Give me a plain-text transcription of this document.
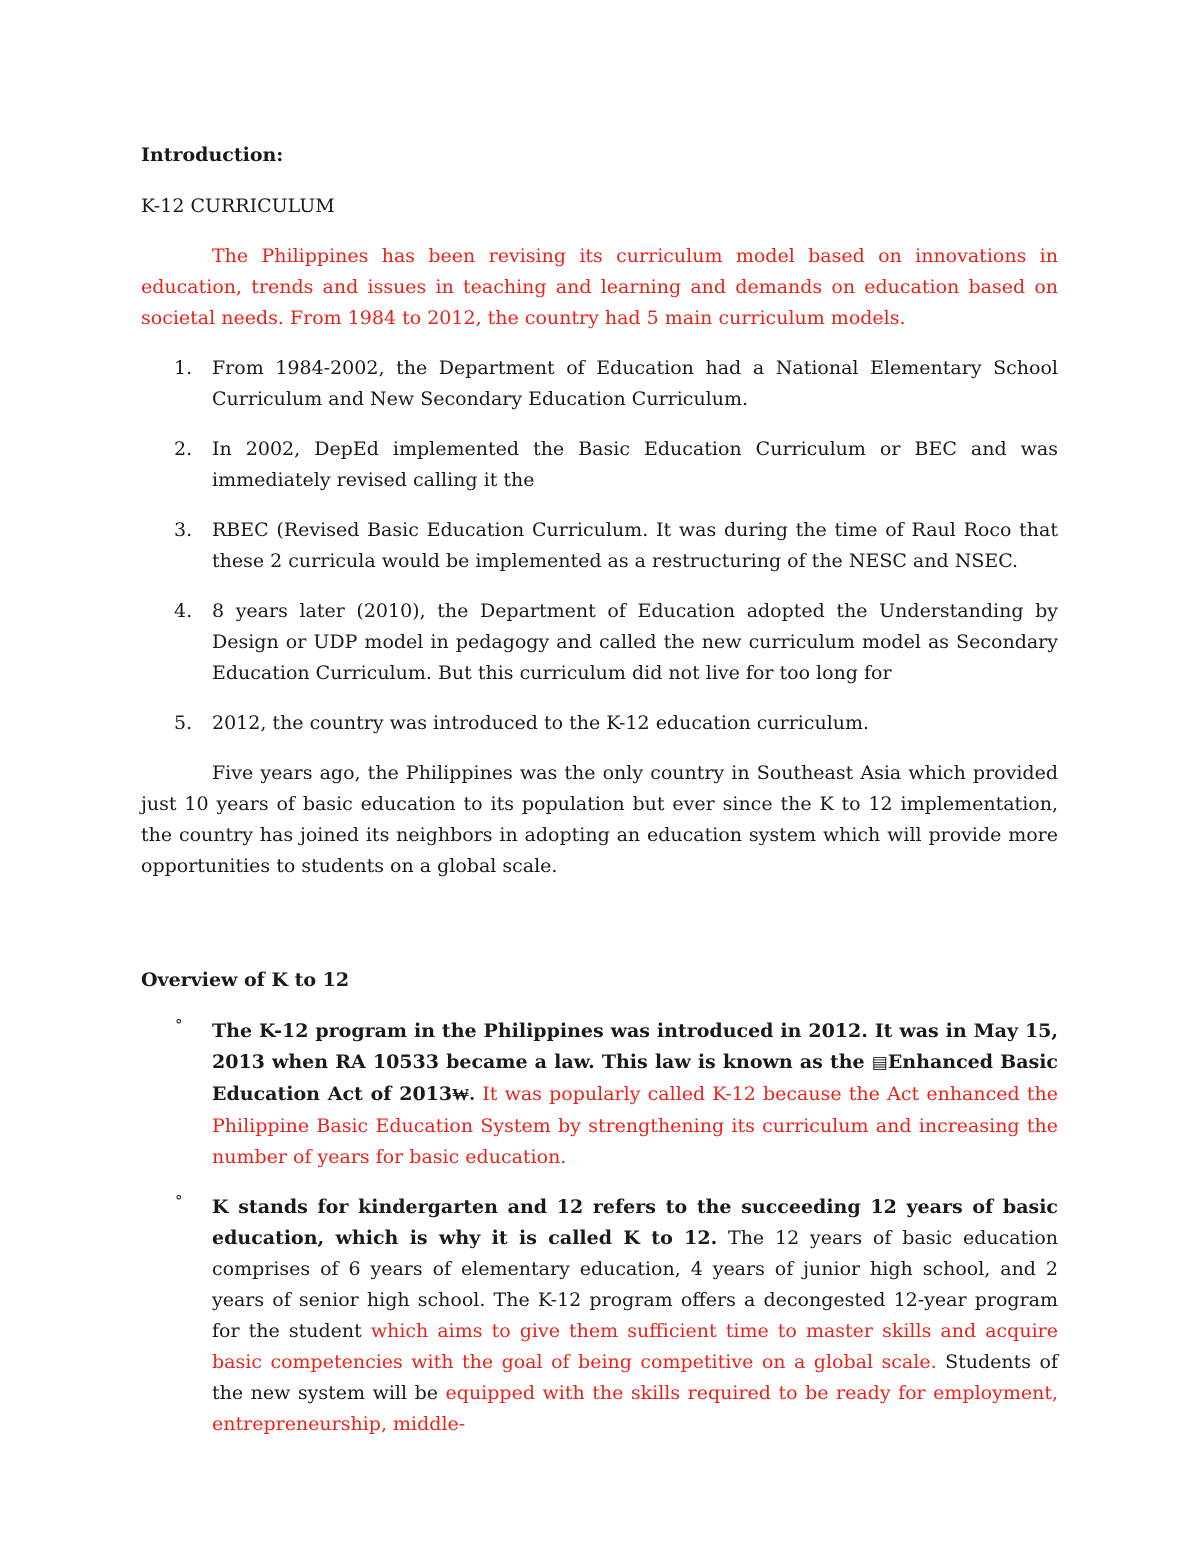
Introduction:

K-12 CURRICULUM

The Philippines has been revising its curriculum model based on innovations in education, trends and issues in teaching and learning and demands on education based on societal needs. From 1984 to 2012, the country had 5 main curriculum models.

1. From 1984-2002, the Department of Education had a National Elementary School Curriculum and New Secondary Education Curriculum.
2. In 2002, DepEd implemented the Basic Education Curriculum or BEC and was immediately revised calling it the
3. RBEC (Revised Basic Education Curriculum. It was during the time of Raul Roco that these 2 curricula would be implemented as a restructuring of the NESC and NSEC.
4. 8 years later (2010), the Department of Education adopted the Understanding by Design or UDP model in pedagogy and called the new curriculum model as Secondary Education Curriculum. But this curriculum did not live for too long for
5. 2012, the country was introduced to the K-12 education curriculum.

Five years ago, the Philippines was the only country in Southeast Asia which provided just 10 years of basic education to its population but ever since the K to 12 implementation, the country has joined its neighbors in adopting an education system which will provide more opportunities to students on a global scale.

Overview of K to 12

° The K-12 program in the Philippines was introduced in 2012. It was in May 15, 2013 when RA 10533 became a law. This law is known as the ▤Enhanced Basic Education Act of 2013₩. It was popularly called K-12 because the Act enhanced the Philippine Basic Education System by strengthening its curriculum and increasing the number of years for basic education.
° K stands for kindergarten and 12 refers to the succeeding 12 years of basic education, which is why it is called K to 12. The 12 years of basic education comprises of 6 years of elementary education, 4 years of junior high school, and 2 years of senior high school. The K-12 program offers a decongested 12-year program for the student which aims to give them sufficient time to master skills and acquire basic competencies with the goal of being competitive on a global scale. Students of the new system will be equipped with the skills required to be ready for employment, entrepreneurship, middle-
